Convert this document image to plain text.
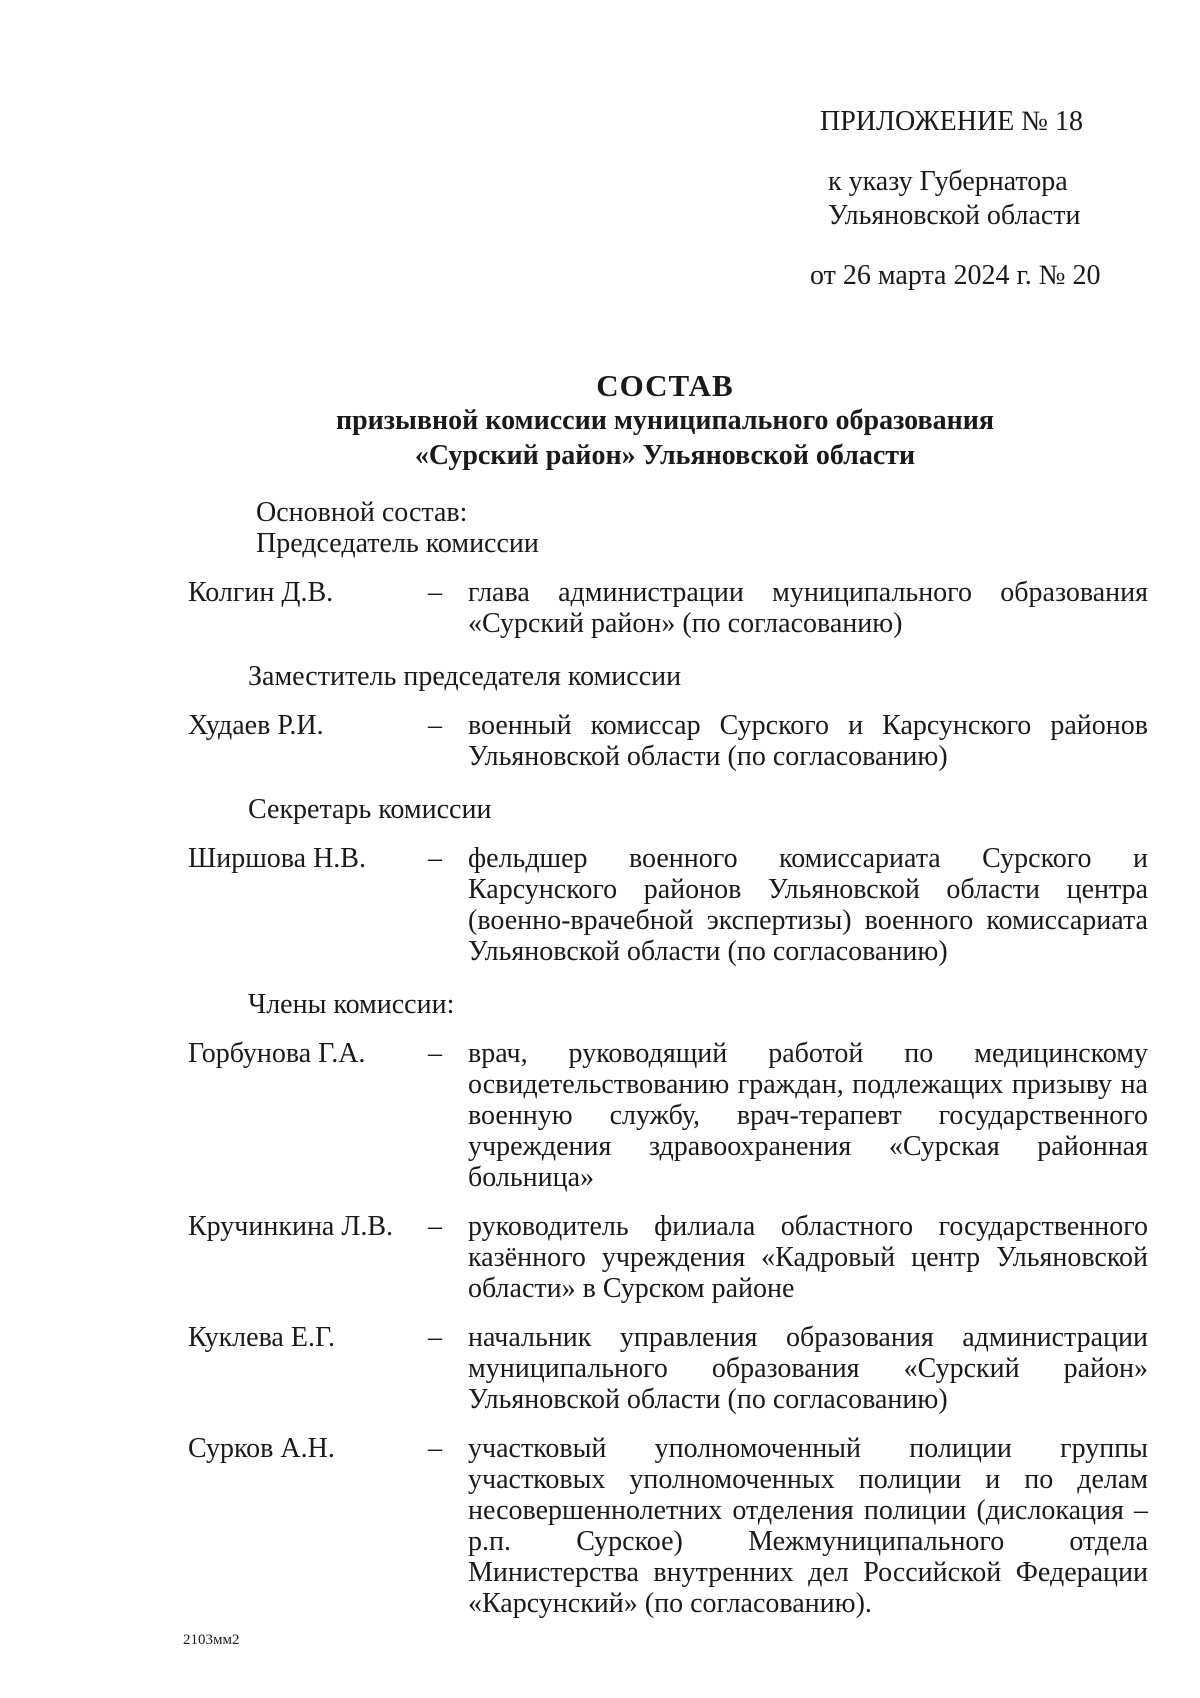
ПРИЛОЖЕНИЕ № 18
к указу Губернатора
Ульяновской области
от 26 марта 2024 г. № 20
СОСТАВ
призывной комиссии муниципального образования
«Сурский район» Ульяновской области
Основной состав:
Председатель комиссии
Колгин Д.В.	– глава администрации муниципального образования «Сурский район» (по согласованию)
Заместитель председателя комиссии
Худаев Р.И.	– военный комиссар Сурского и Карсунского районов Ульяновской области (по согласованию)
Секретарь комиссии
Ширшова Н.В.	– фельдшер военного комиссариата Сурского и Карсунского районов Ульяновской области центра (военно-врачебной экспертизы) военного комиссариата Ульяновской области (по согласованию)
Члены комиссии:
Горбунова Г.А.	– врач, руководящий работой по медицинскому освидетельствованию граждан, подлежащих призыву на военную службу, врач-терапевт государственного учреждения здравоохранения «Сурская районная больница»
Кручинкина Л.В.	– руководитель филиала областного государственного казённого учреждения «Кадровый центр Ульяновской области» в Сурском районе
Куклева Е.Г.	– начальник управления образования администрации муниципального образования «Сурский район» Ульяновской области (по согласованию)
Сурков А.Н.	– участковый уполномоченный полиции группы участковых уполномоченных полиции и по делам несовершеннолетних отделения полиции (дислокация – р.п. Сурское) Межмуниципального отдела Министерства внутренних дел Российской Федерации «Карсунский» (по согласованию).
2103мм2
